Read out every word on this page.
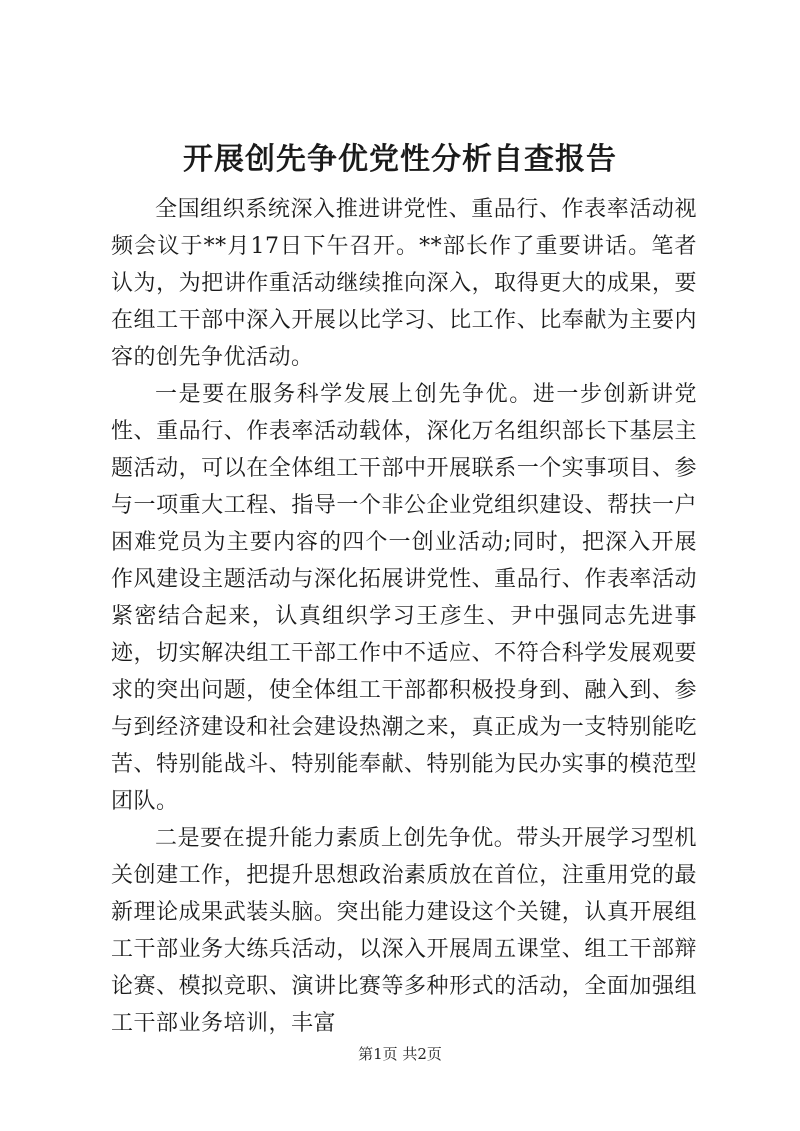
开展创先争优党性分析自查报告

全国组织系统深入推进讲党性、重品行、作表率活动视频会议于**月17日下午召开。**部长作了重要讲话。笔者认为，为把讲作重活动继续推向深入，取得更大的成果，要在组工干部中深入开展以比学习、比工作、比奉献为主要内容的创先争优活动。

一是要在服务科学发展上创先争优。进一步创新讲党性、重品行、作表率活动载体，深化万名组织部长下基层主题活动，可以在全体组工干部中开展联系一个实事项目、参与一项重大工程、指导一个非公企业党组织建设、帮扶一户困难党员为主要内容的四个一创业活动;同时，把深入开展作风建设主题活动与深化拓展讲党性、重品行、作表率活动紧密结合起来，认真组织学习王彦生、尹中强同志先进事迹，切实解决组工干部工作中不适应、不符合科学发展观要求的突出问题，使全体组工干部都积极投身到、融入到、参与到经济建设和社会建设热潮之来，真正成为一支特别能吃苦、特别能战斗、特别能奉献、特别能为民办实事的模范型团队。

二是要在提升能力素质上创先争优。带头开展学习型机关创建工作，把提升思想政治素质放在首位，注重用党的最新理论成果武装头脑。突出能力建设这个关键，认真开展组工干部业务大练兵活动，以深入开展周五课堂、组工干部辩论赛、模拟竞职、演讲比赛等多种形式的活动，全面加强组工干部业务培训，丰富

第1页 共2页
